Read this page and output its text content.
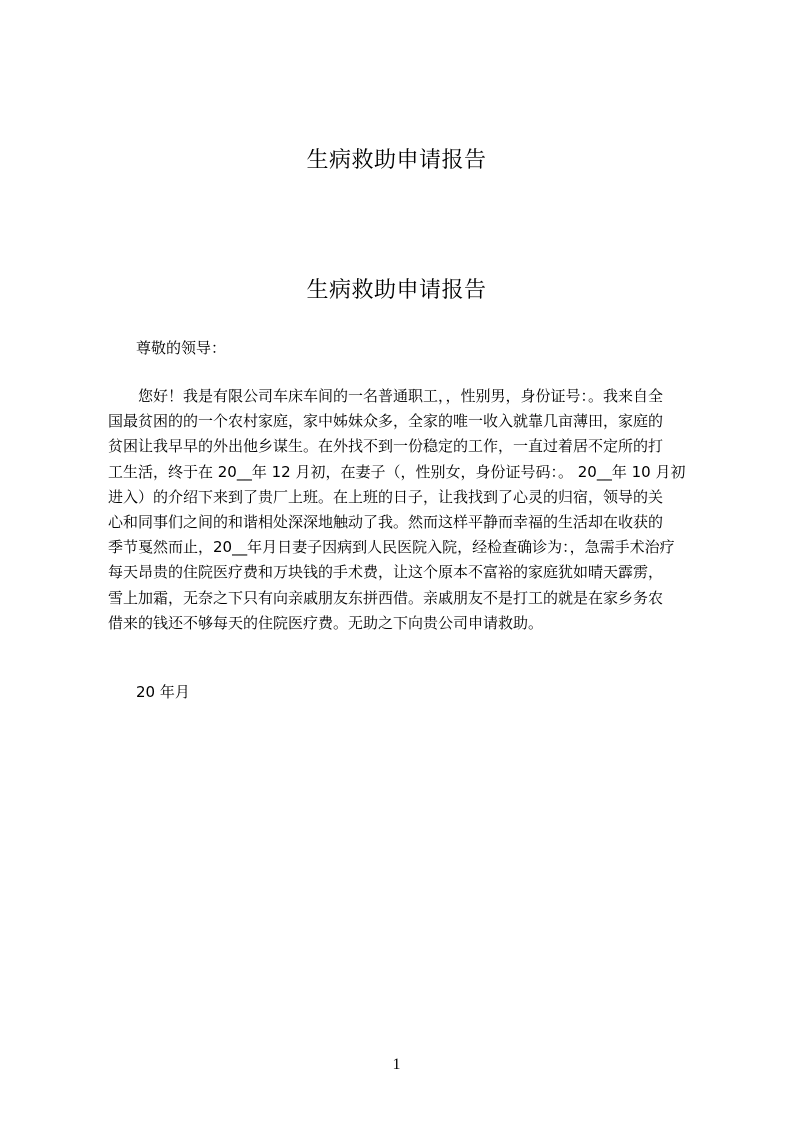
生病救助申请报告
生病救助申请报告
尊敬的领导：
您好！我是有限公司车床车间的一名普通职工，，性别男，身份证号：。我来自全
国最贫困的的一个农村家庭，家中姊妹众多，全家的唯一收入就靠几亩薄田，家庭的
贫困让我早早的外出他乡谋生。在外找不到一份稳定的工作，一直过着居不定所的打
工生活，终于在 20__年 12 月初，在妻子（，性别女，身份证号码：。 20__年 10 月初
进入）的介绍下来到了贵厂上班。在上班的日子，让我找到了心灵的归宿，领导的关
心和同事们之间的和谐相处深深地触动了我。然而这样平静而幸福的生活却在收获的
季节戛然而止，20__年月日妻子因病到人民医院入院，经检查确诊为：，急需手术治疗
每天昂贵的住院医疗费和万块钱的手术费，让这个原本不富裕的家庭犹如晴天霹雳，
雪上加霜，无奈之下只有向亲戚朋友东拼西借。亲戚朋友不是打工的就是在家乡务农
借来的钱还不够每天的住院医疗费。无助之下向贵公司申请救助。
20 年月
1
